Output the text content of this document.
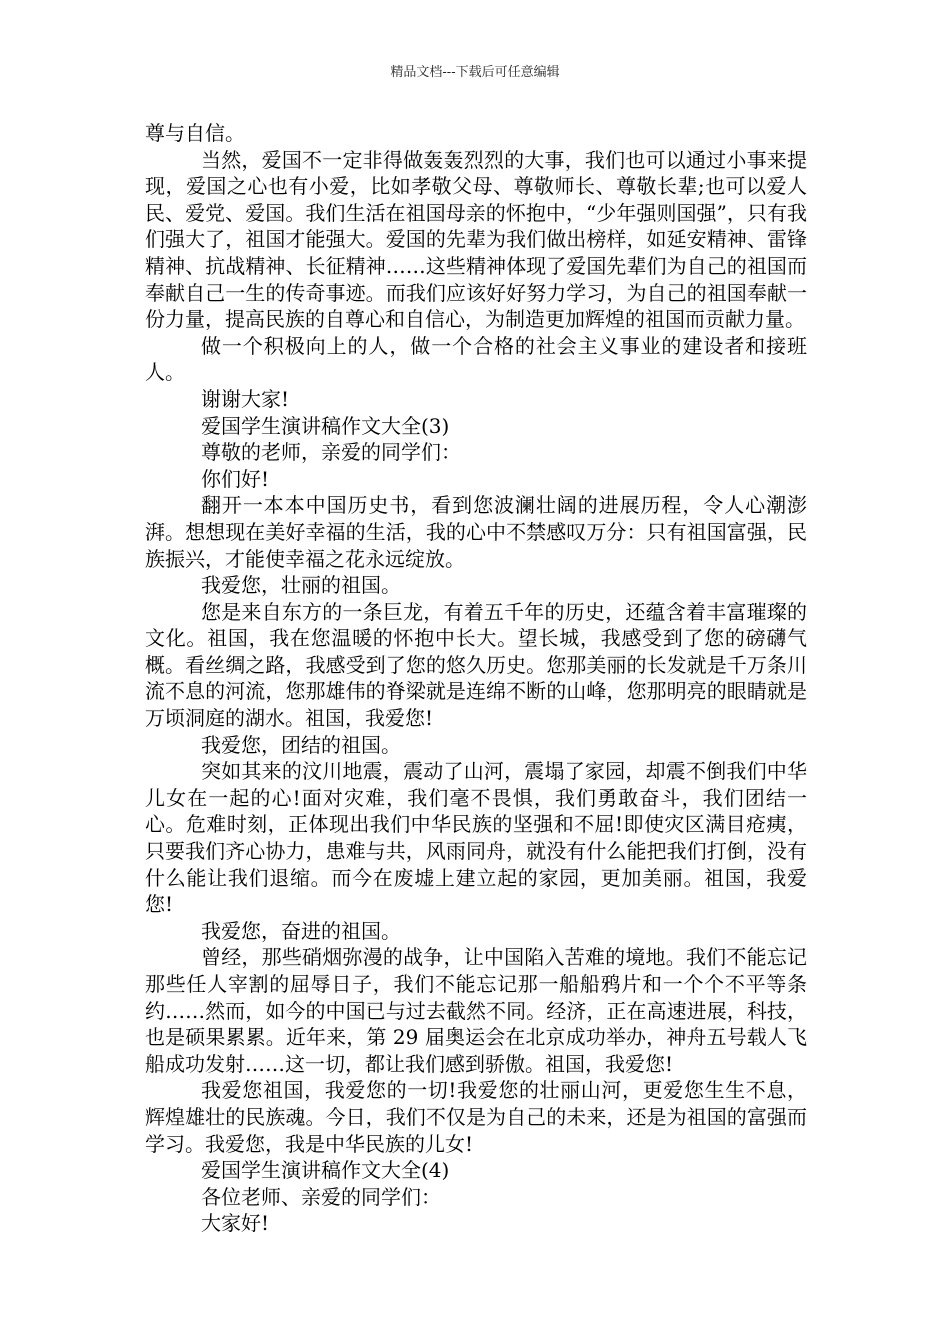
精品文档---下载后可任意编辑

尊与自信。

当然，爱国不一定非得做轰轰烈烈的大事，我们也可以通过小事来提现，爱国之心也有小爱，比如孝敬父母、尊敬师长、尊敬长辈;也可以爱人民、爱党、爱国。我们生活在祖国母亲的怀抱中，“少年强则国强”，只有我们强大了，祖国才能强大。爱国的先辈为我们做出榜样，如延安精神、雷锋精神、抗战精神、长征精神……这些精神体现了爱国先辈们为自己的祖国而奉献自己一生的传奇事迹。而我们应该好好努力学习，为自己的祖国奉献一份力量，提高民族的自尊心和自信心，为制造更加辉煌的祖国而贡献力量。

做一个积极向上的人，做一个合格的社会主义事业的建设者和接班人。

谢谢大家!

爱国学生演讲稿作文大全(3)

尊敬的老师，亲爱的同学们：

你们好!

翻开一本本中国历史书，看到您波澜壮阔的进展历程，令人心潮澎湃。想想现在美好幸福的生活，我的心中不禁感叹万分：只有祖国富强，民族振兴，才能使幸福之花永远绽放。

我爱您，壮丽的祖国。

您是来自东方的一条巨龙，有着五千年的历史，还蕴含着丰富璀璨的文化。祖国，我在您温暖的怀抱中长大。望长城，我感受到了您的磅礴气概。看丝绸之路，我感受到了您的悠久历史。您那美丽的长发就是千万条川流不息的河流，您那雄伟的脊梁就是连绵不断的山峰，您那明亮的眼睛就是万顷洞庭的湖水。祖国，我爱您!

我爱您，团结的祖国。

突如其来的汶川地震，震动了山河，震塌了家园，却震不倒我们中华儿女在一起的心!面对灾难，我们毫不畏惧，我们勇敢奋斗，我们团结一心。危难时刻，正体现出我们中华民族的坚强和不屈!即使灾区满目疮痍，只要我们齐心协力，患难与共，风雨同舟，就没有什么能把我们打倒，没有什么能让我们退缩。而今在废墟上建立起的家园，更加美丽。祖国，我爱您!

我爱您，奋进的祖国。

曾经，那些硝烟弥漫的战争，让中国陷入苦难的境地。我们不能忘记那些任人宰割的屈辱日子，我们不能忘记那一船船鸦片和一个个不平等条约……然而，如今的中国已与过去截然不同。经济，正在高速进展，科技，也是硕果累累。近年来，第 29 届奥运会在北京成功举办，神舟五号载人飞船成功发射……这一切，都让我们感到骄傲。祖国，我爱您!

我爱您祖国，我爱您的一切!我爱您的壮丽山河，更爱您生生不息，辉煌雄壮的民族魂。今日，我们不仅是为自己的未来，还是为祖国的富强而学习。我爱您，我是中华民族的儿女!

爱国学生演讲稿作文大全(4)

各位老师、亲爱的同学们：

大家好!
